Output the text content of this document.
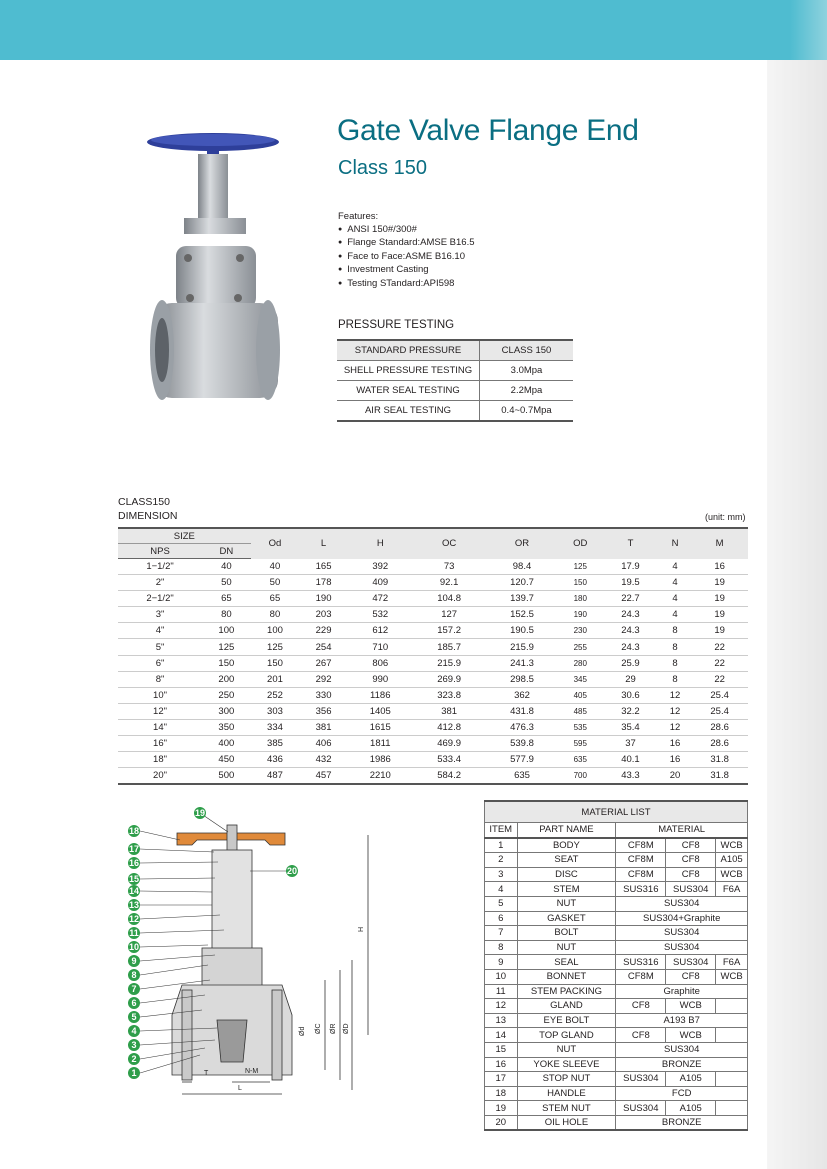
Gate Valve Flange End
Class 150
Features:
● ANSI 150#/300#
● Flange Standard:AMSE B16.5
● Face to Face:ASME B16.10
● Investment Casting
● Testing STandard:API598
PRESSURE TESTING
STANDARD PRESSURE	CLASS 150
SHELL PRESSURE TESTING	3.0Mpa
WATER SEAL TESTING	2.2Mpa
AIR SEAL TESTING	0.4~0.7Mpa
CLASS150
DIMENSION	(unit: mm)
SIZE		Od	L	H	OC	OR	OD	T	N	M
NPS	DN									
1−1/2"	40	40	165	392	73	98.4	125	17.9	4	16
2"	50	50	178	409	92.1	120.7	150	19.5	4	19
2−1/2"	65	65	190	472	104.8	139.7	180	22.7	4	19
3"	80	80	203	532	127	152.5	190	24.3	4	19
4"	100	100	229	612	157.2	190.5	230	24.3	8	19
5"	125	125	254	710	185.7	215.9	255	24.3	8	22
6"	150	150	267	806	215.9	241.3	280	25.9	8	22
8"	200	201	292	990	269.9	298.5	345	29	8	22
10"	250	252	330	1186	323.8	362	405	30.6	12	25.4
12"	300	303	356	1405	381	431.8	485	32.2	12	25.4
14"	350	334	381	1615	412.8	476.3	535	35.4	12	28.6
16"	400	385	406	1811	469.9	539.8	595	37	16	28.6
18"	450	436	432	1986	533.4	577.9	635	40.1	16	31.8
20"	500	487	457	2210	584.2	635	700	43.3	20	31.8
1
2
3
4
5
6
7
8
9
10
11
12
13
14
15
16
17
18
19
20
H
Ød ØC ØR ØD
T	N-M
L
MATERIAL LIST				
ITEM	PART NAME	MATERIAL		
1	BODY	CF8M	CF8	WCB
2	SEAT	CF8M	CF8	A105
3	DISC	CF8M	CF8	WCB
4	STEM	SUS316	SUS304	F6A
5	NUT	SUS304		
6	GASKET	SUS304+Graphite		
7	BOLT	SUS304		
8	NUT	SUS304		
9	SEAL	SUS316	SUS304	F6A
10	BONNET	CF8M	CF8	WCB
11	STEM PACKING	Graphite		
12	GLAND	CF8	WCB	
13	EYE BOLT	A193 B7		
14	TOP GLAND	CF8	WCB	
15	NUT	SUS304		
16	YOKE SLEEVE	BRONZE		
17	STOP NUT	SUS304	A105	
18	HANDLE	FCD		
19	STEM NUT	SUS304	A105	
20	OIL HOLE	BRONZE		
